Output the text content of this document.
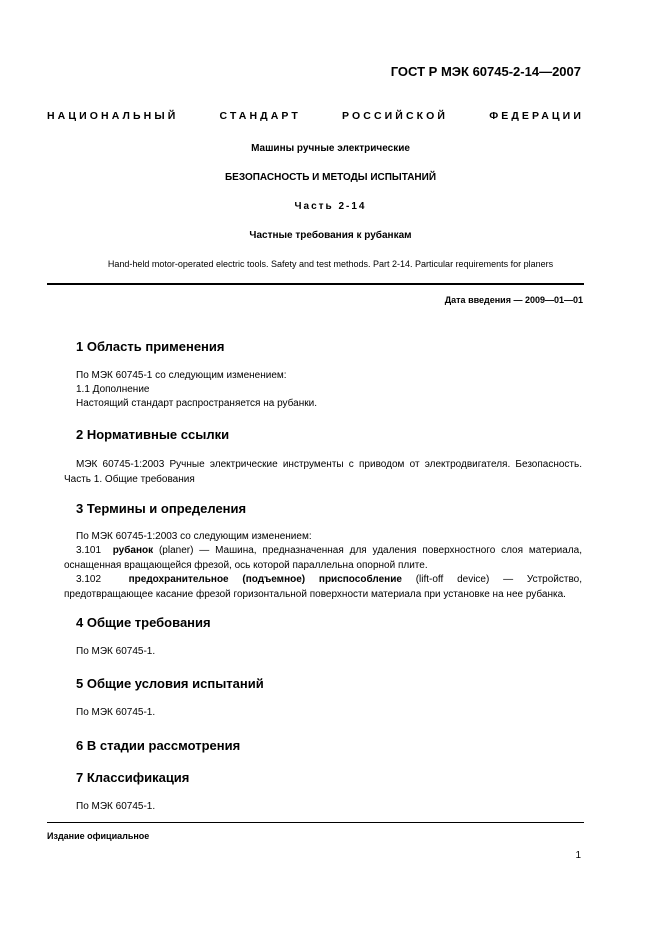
ГОСТ Р МЭК 60745-2-14—2007
НАЦИОНАЛЬНЫЙ	СТАНДАРТ	РОССИЙСКОЙ	ФЕДЕРАЦИИ
Машины ручные электрические
БЕЗОПАСНОСТЬ И МЕТОДЫ ИСПЫТАНИЙ
Часть 2-14
Частные требования к рубанкам
Hand-held motor-operated electric tools. Safety and test methods. Part 2-14. Particular requirements for planers
Дата введения — 2009—01—01
1 Область применения
По МЭК 60745-1 со следующим изменением:
1.1 Дополнение
Настоящий стандарт распространяется на рубанки.
2 Нормативные ссылки
МЭК 60745-1:2003 Ручные электрические инструменты с приводом от электродвигателя. Безопасность. Часть 1. Общие требования
3 Термины и определения
По МЭК 60745-1:2003 со следующим изменением:
3.101 рубанок (planer) — Машина, предназначенная для удаления поверхностного слоя материала, оснащенная вращающейся фрезой, ось которой параллельна опорной плите.
3.102	предохранительное (подъемное) приспособление (lift-off device) — Устройство, предотвращающее касание фрезой горизонтальной поверхности материала при установке на нее рубанка.
4 Общие требования
По МЭК 60745-1.
5 Общие условия испытаний
По МЭК 60745-1.
6 В стадии рассмотрения
7 Классификация
По МЭК 60745-1.
Издание официальное
1
